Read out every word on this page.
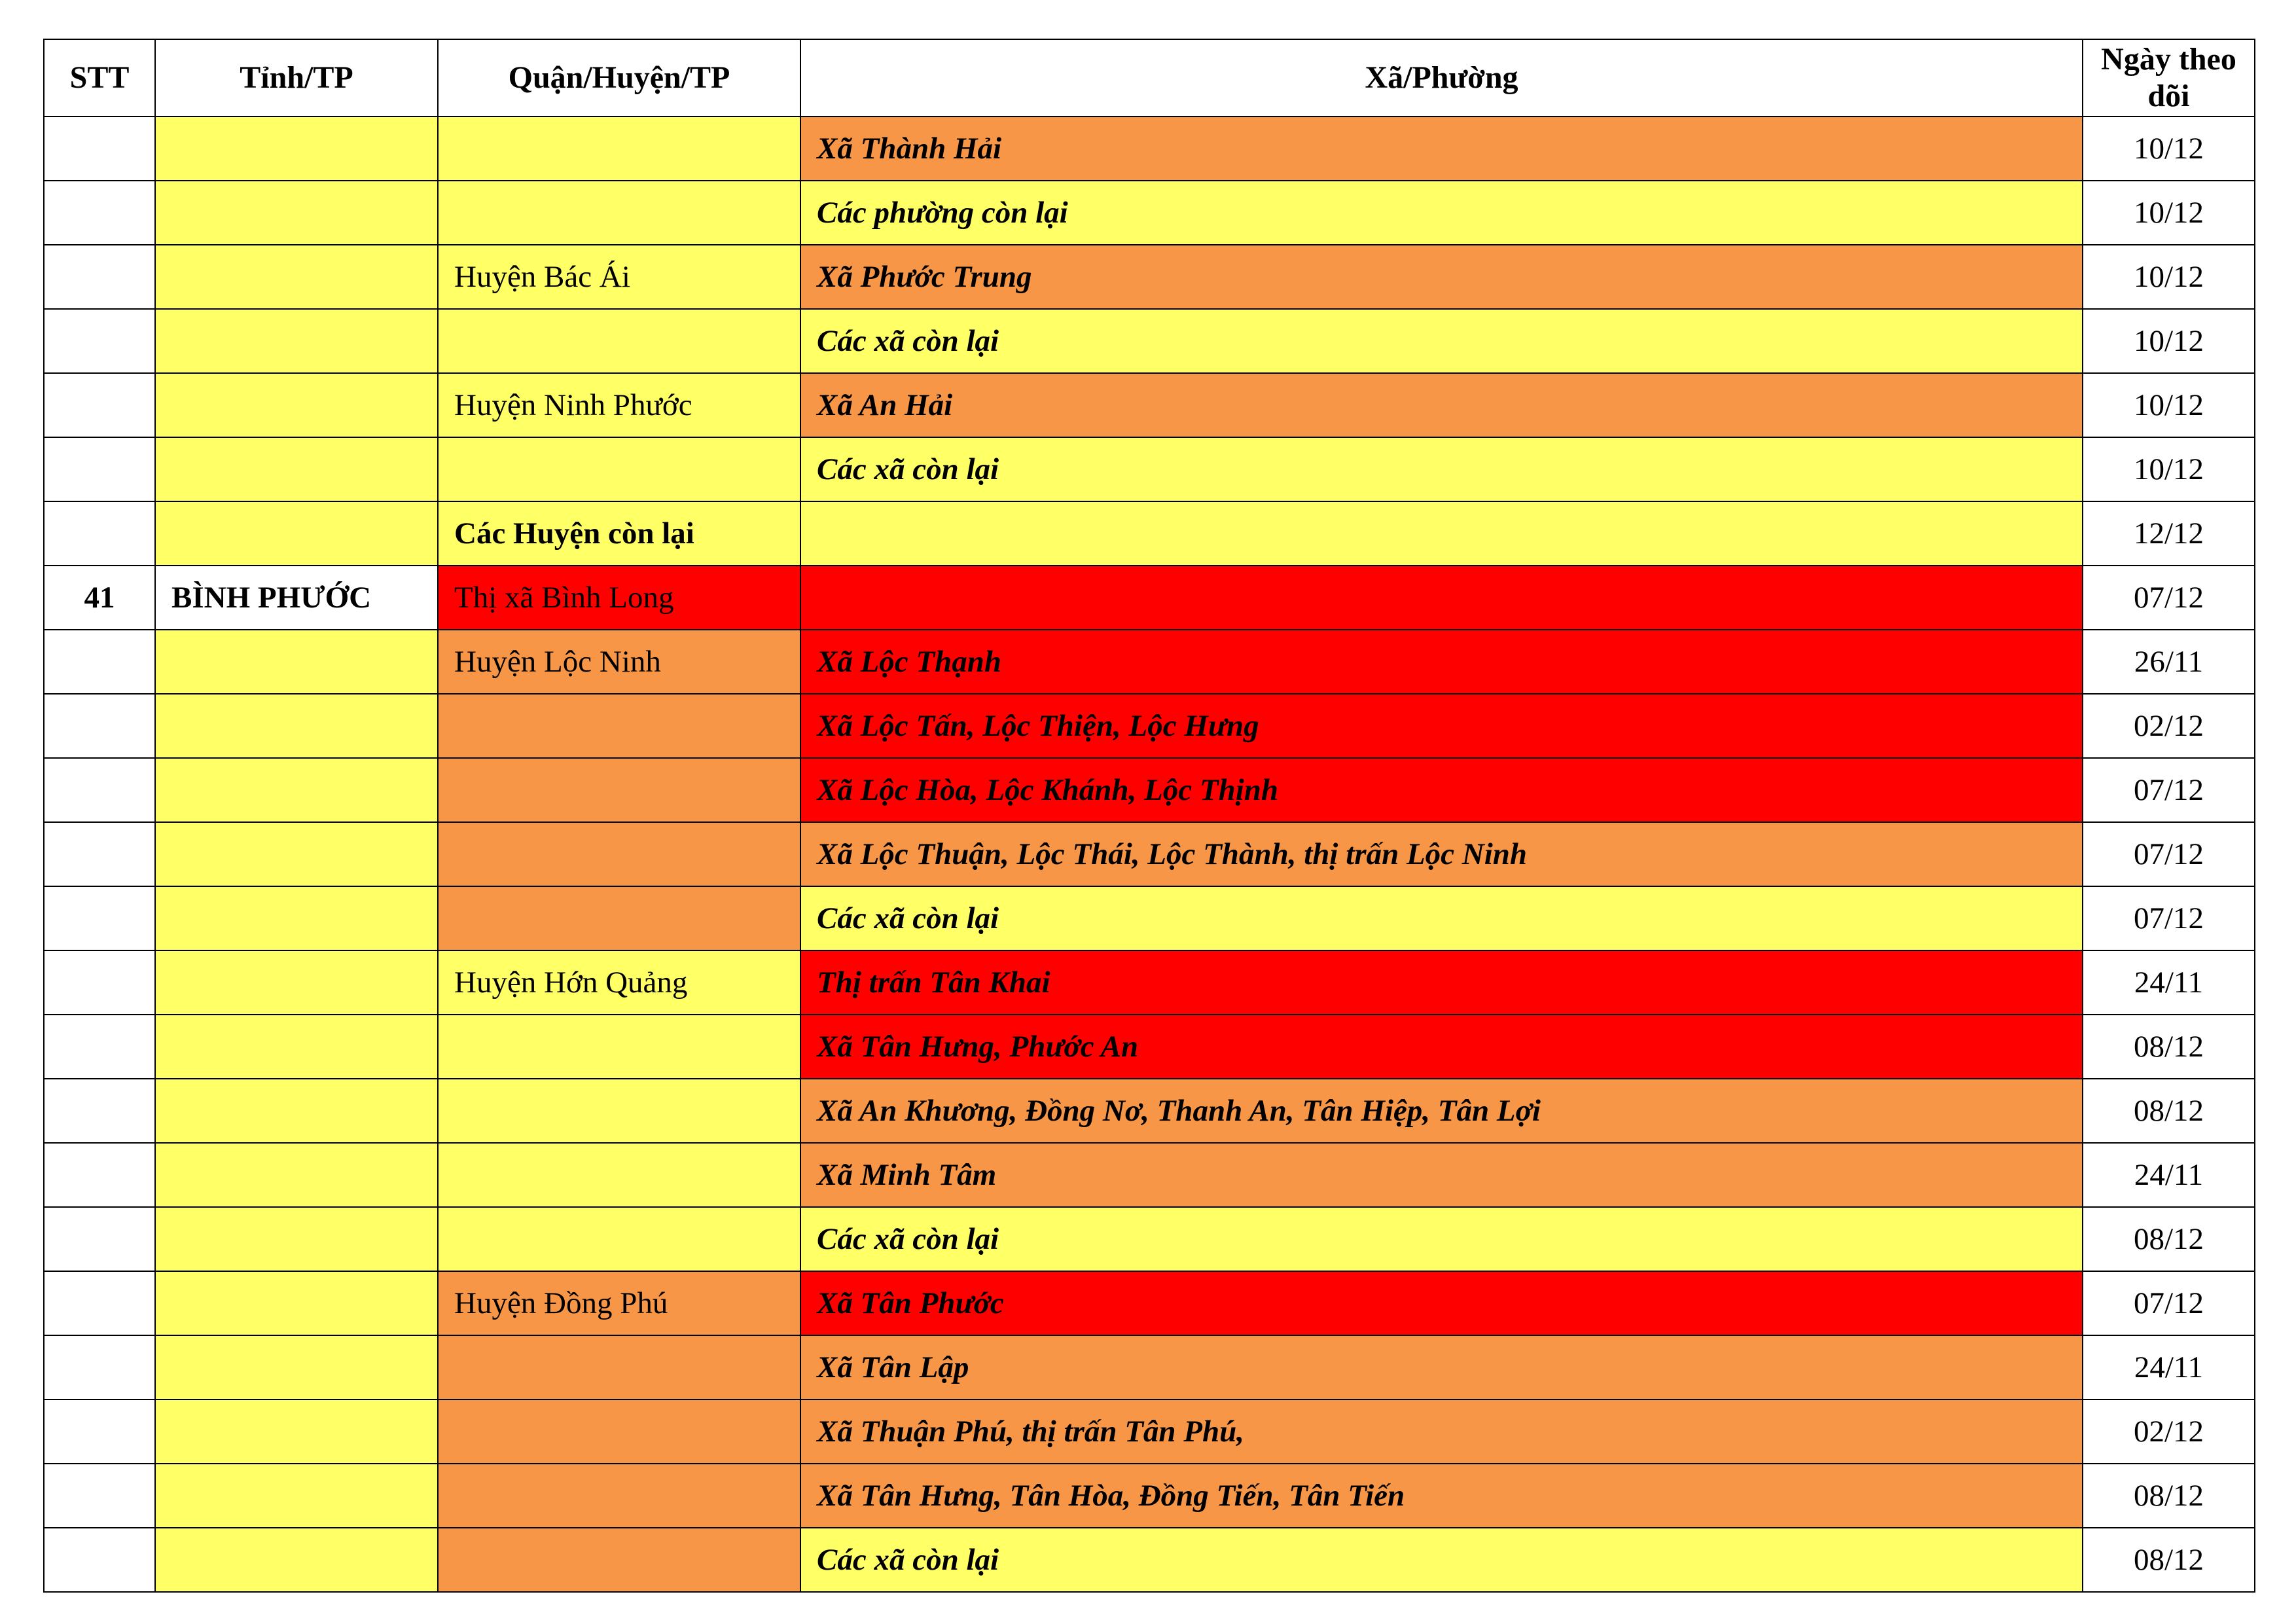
STT	Tỉnh/TP	Quận/Huyện/TP	Xã/Phường	Ngày theo dõi
			Xã Thành Hải	10/12
			Các phường còn lại	10/12
		Huyện Bác Ái	Xã Phước Trung	10/12
			Các xã còn lại	10/12
		Huyện Ninh Phước	Xã An Hải	10/12
			Các xã còn lại	10/12
		Các Huyện còn lại		12/12
41	BÌNH PHƯỚC	Thị xã Bình Long		07/12
		Huyện Lộc Ninh	Xã Lộc Thạnh	26/11
			Xã Lộc Tấn, Lộc Thiện, Lộc Hưng	02/12
			Xã Lộc Hòa, Lộc Khánh, Lộc Thịnh	07/12
			Xã Lộc Thuận, Lộc Thái, Lộc Thành, thị trấn Lộc Ninh	07/12
			Các xã còn lại	07/12
		Huyện Hớn Quảng	Thị trấn Tân Khai	24/11
			Xã Tân Hưng, Phước An	08/12
			Xã An Khương, Đồng Nơ, Thanh An, Tân Hiệp, Tân Lợi	08/12
			Xã Minh Tâm	24/11
			Các xã còn lại	08/12
		Huyện Đồng Phú	Xã Tân Phước	07/12
			Xã Tân Lập	24/11
			Xã Thuận Phú, thị trấn Tân Phú,	02/12
			Xã Tân Hưng, Tân Hòa, Đồng Tiến, Tân Tiến	08/12
			Các xã còn lại	08/12
